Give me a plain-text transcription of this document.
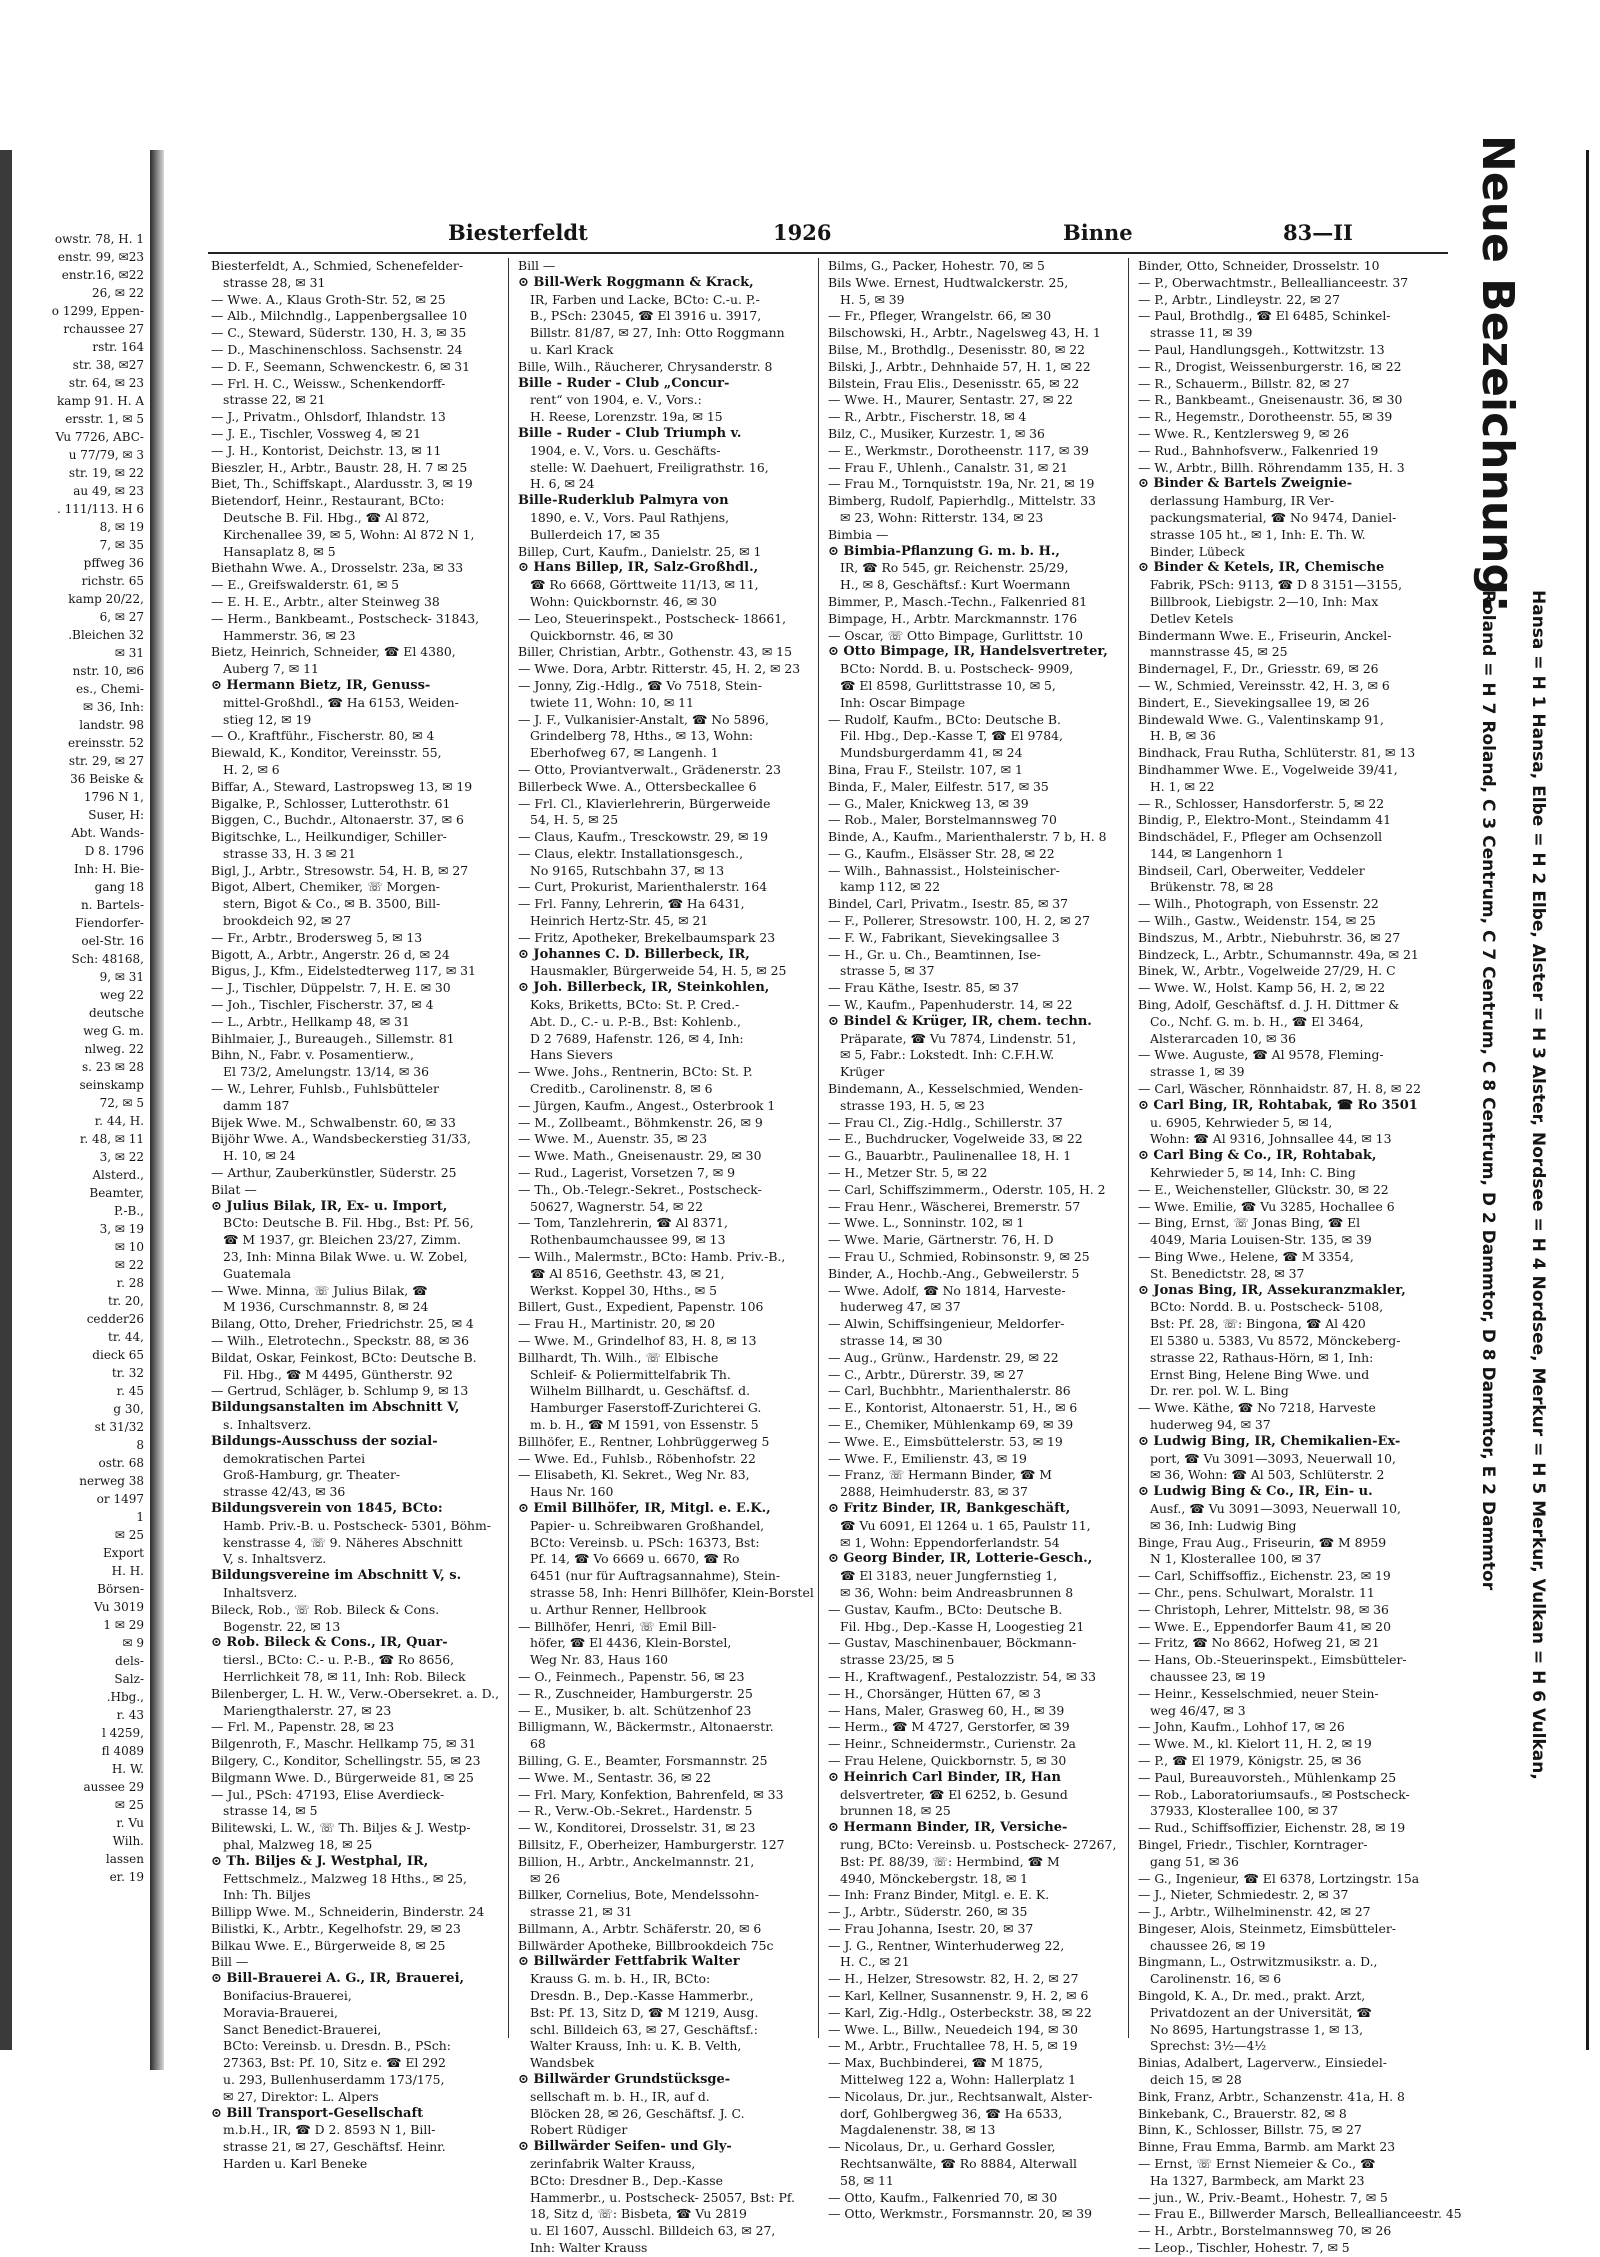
owstr. 78, H. 1
enstr. 99, ✉23
enstr.16, ✉22
26, ✉ 22
o 1299, Eppen-
rchaussee 27
rstr. 164
str. 38, ✉27
str. 64, ✉ 23
kamp 91. H. A
ersstr. 1, ✉ 5
Vu 7726, ABC-
u 77/79, ✉ 3
str. 19, ✉ 22
au 49, ✉ 23
. 111/113. H 6
8, ✉ 19
7, ✉ 35
pffweg 36
richstr. 65
kamp 20/22,
6, ✉ 27
.Bleichen 32
✉ 31
nstr. 10, ✉6
es., Chemi-
✉ 36, Inh:
landstr. 98
ereinsstr. 52
str. 29, ✉ 27
36 Beiske &
1796 N 1,
Suser, H:
Abt. Wands-
D 8. 1796
Inh: H. Bie-
gang 18
n. Bartels-
Fiendorfer-
oel-Str. 16
Sch: 48168,
9, ✉ 31
weg 22
deutsche
weg G. m.
nlweg. 22
s. 23 ✉ 28
seinskamp
72, ✉ 5
r. 44, H.
r. 48, ✉ 11
3, ✉ 22
Alsterd.,
Beamter,
P.-B.,
3, ✉ 19
✉ 10
✉ 22
r. 28
tr. 20,
cedder26
tr. 44,
dieck 65
tr. 32
r. 45
g 30,
st 31/32
8
ostr. 68
nerweg 38
or 1497
1
✉ 25
Export
H. H.
Börsen-
Vu 3019
1 ✉ 29
✉ 9
dels-
Salz-
.Hbg.,
r. 43
l 4259,
fl 4089
H. W.
aussee 29
✉ 25
r. Vu
Wilh.
lassen
er. 19
Biesterfeldt	1926	Binne	83—II
Biesterfeldt, A., Schmied, Schenefelder-
strasse 28, ✉ 31
— Wwe. A., Klaus Groth-Str. 52, ✉ 25
— Alb., Milchndlg., Lappenbergsallee 10
— C., Steward, Süderstr. 130, H. 3, ✉ 35
— D., Maschinenschloss. Sachsenstr. 24
— D. F., Seemann, Schwenckestr. 6, ✉ 31
— Frl. H. C., Weissw., Schenkendorff-
strasse 22, ✉ 21
— J., Privatm., Ohlsdorf, Ihlandstr. 13
— J. E., Tischler, Vossweg 4, ✉ 21
— J. H., Kontorist, Deichstr. 13, ✉ 11
Bieszler, H., Arbtr., Baustr. 28, H. 7 ✉ 25
Biet, Th., Schiffskapt., Alardusstr. 3, ✉ 19
Bietendorf, Heinr., Restaurant, BCto:
Deutsche B. Fil. Hbg., ☎ Al 872,
Kirchenallee 39, ✉ 5, Wohn: Al 872 N 1,
Hansaplatz 8, ✉ 5
Biethahn Wwe. A., Drosselstr. 23a, ✉ 33
— E., Greifswalderstr. 61, ✉ 5
— E. H. E., Arbtr., alter Steinweg 38
— Herm., Bankbeamt., Postscheck- 31843,
Hammerstr. 36, ✉ 23
Bietz, Heinrich, Schneider, ☎ El 4380,
Auberg 7, ✉ 11
⊙ Hermann Bietz, IR, Genuss-
mittel-Großhdl., ☎ Ha 6153, Weiden-
stieg 12, ✉ 19
— O., Kraftführ., Fischerstr. 80, ✉ 4
Biewald, K., Konditor, Vereinsstr. 55,
H. 2, ✉ 6
Biffar, A., Steward, Lastropsweg 13, ✉ 19
Bigalke, P., Schlosser, Lutterothstr. 61
Biggen, C., Buchdr., Altonaerstr. 37, ✉ 6
Bigitschke, L., Heilkundiger, Schiller-
strasse 33, H. 3 ✉ 21
Bigl, J., Arbtr., Stresowstr. 54, H. B, ✉ 27
Bigot, Albert, Chemiker, ☏ Morgen-
stern, Bigot & Co., ✉ B. 3500, Bill-
brookdeich 92, ✉ 27
— Fr., Arbtr., Brodersweg 5, ✉ 13
Bigott, A., Arbtr., Angerstr. 26 d, ✉ 24
Bigus, J., Kfm., Eidelstedterweg 117, ✉ 31
— J., Tischler, Düppelstr. 7, H. E. ✉ 30
— Joh., Tischler, Fischerstr. 37, ✉ 4
— L., Arbtr., Hellkamp 48, ✉ 31
Bihlmaier, J., Bureaugeh., Sillemstr. 81
Bihn, N., Fabr. v. Posamentierw.,
El 73/2, Amelungstr. 13/14, ✉ 36
— W., Lehrer, Fuhlsb., Fuhlsbütteler
damm 187
Bijek Wwe. M., Schwalbenstr. 60, ✉ 33
Bijöhr Wwe. A., Wandsbeckerstieg 31/33,
H. 10, ✉ 24
— Arthur, Zauberkünstler, Süderstr. 25
Bilat —
⊙ Julius Bilak, IR, Ex- u. Import,
BCto: Deutsche B. Fil. Hbg., Bst: Pf. 56,
☎ M 1937, gr. Bleichen 23/27, Zimm.
23, Inh: Minna Bilak Wwe. u. W. Zobel,
Guatemala
— Wwe. Minna, ☏ Julius Bilak, ☎
M 1936, Curschmannstr. 8, ✉ 24
Bilang, Otto, Dreher, Friedrichstr. 25, ✉ 4
— Wilh., Eletrotechn., Speckstr. 88, ✉ 36
Bildat, Oskar, Feinkost, BCto: Deutsche B.
Fil. Hbg., ☎ M 4495, Güntherstr. 92
— Gertrud, Schläger, b. Schlump 9, ✉ 13
Bildungsanstalten im Abschnitt V,
s. Inhaltsverz.
Bildungs-Ausschuss der sozial-
demokratischen Partei
Groß-Hamburg, gr. Theater-
strasse 42/43, ✉ 36
Bildungsverein von 1845, BCto:
Hamb. Priv.-B. u. Postscheck- 5301, Böhm-
kenstrasse 4, ☏ 9. Näheres Abschnitt
V, s. Inhaltsverz.
Bildungsvereine im Abschnitt V, s.
Inhaltsverz.
Bileck, Rob., ☏ Rob. Bileck & Cons.
Bogenstr. 22, ✉ 13
⊙ Rob. Bileck & Cons., IR, Quar-
tiersl., BCto: C.- u. P.-B., ☎ Ro 8656,
Herrlichkeit 78, ✉ 11, Inh: Rob. Bileck
Bilenberger, L. H. W., Verw.-Obersekret. a. D.,
Mariengthalerstr. 27, ✉ 23
— Frl. M., Papenstr. 28, ✉ 23
Bilgenroth, F., Maschr. Hellkamp 75, ✉ 31
Bilgery, C., Konditor, Schellingstr. 55, ✉ 23
Bilgmann Wwe. D., Bürgerweide 81, ✉ 25
— Jul., PSch: 47193, Elise Averdieck-
strasse 14, ✉ 5
Bilitewski, L. W., ☏ Th. Biljes & J. Westp-
phal, Malzweg 18, ✉ 25
⊙ Th. Biljes & J. Westphal, IR,
Fettschmelz., Malzweg 18 Hths., ✉ 25,
Inh: Th. Biljes
Billipp Wwe. M., Schneiderin, Binderstr. 24
Bilistki, K., Arbtr., Kegelhofstr. 29, ✉ 23
Bilkau Wwe. E., Bürgerweide 8, ✉ 25
Bill —
⊙ Bill-Brauerei A. G., IR, Brauerei,
Bonifacius-Brauerei,
Moravia-Brauerei,
Sanct Benedict-Brauerei,
BCto: Vereinsb. u. Dresdn. B., PSch:
27363, Bst: Pf. 10, Sitz e. ☎ El 292
u. 293, Bullenhuserdamm 173/175,
✉ 27, Direktor: L. Alpers
⊙ Bill Transport-Gesellschaft
m.b.H., IR, ☎ D 2. 8593 N 1, Bill-
strasse 21, ✉ 27, Geschäftsf. Heinr.
Harden u. Karl Beneke
Bill —
⊙ Bill-Werk Roggmann & Krack,
IR, Farben und Lacke, BCto: C.-u. P.-
B., PSch: 23045, ☎ El 3916 u. 3917,
Billstr. 81/87, ✉ 27, Inh: Otto Roggmann
u. Karl Krack
Bille, Wilh., Räucherer, Chrysanderstr. 8
Bille - Ruder - Club „Concur-
rent“ von 1904, e. V., Vors.:
H. Reese, Lorenzstr. 19a, ✉ 15
Bille - Ruder - Club Triumph v.
1904, e. V., Vors. u. Geschäfts-
stelle: W. Daehuert, Freiligrathstr. 16,
H. 6, ✉ 24
Bille-Ruderklub Palmyra von
1890, e. V., Vors. Paul Rathjens,
Bullerdeich 17, ✉ 35
Billep, Curt, Kaufm., Danielstr. 25, ✉ 1
⊙ Hans Billep, IR, Salz-Großhdl.,
☎ Ro 6668, Görttweite 11/13, ✉ 11,
Wohn: Quickbornstr. 46, ✉ 30
— Leo, Steuerinspekt., Postscheck- 18661,
Quickbornstr. 46, ✉ 30
Biller, Christian, Arbtr., Gothenstr. 43, ✉ 15
— Wwe. Dora, Arbtr. Ritterstr. 45, H. 2, ✉ 23
— Jonny, Zig.-Hdlg., ☎ Vo 7518, Stein-
twiete 11, Wohn: 10, ✉ 11
— J. F., Vulkanisier-Anstalt, ☎ No 5896,
Grindelberg 78, Hths., ✉ 13, Wohn:
Eberhofweg 67, ✉ Langenh. 1
— Otto, Proviantverwalt., Grädenerstr. 23
Billerbeck Wwe. A., Ottersbeckallee 6
— Frl. Cl., Klavierlehrerin, Bürgerweide
54, H. 5, ✉ 25
— Claus, Kaufm., Tresckowstr. 29, ✉ 19
— Claus, elektr. Installationsgesch.,
No 9165, Rutschbahn 37, ✉ 13
— Curt, Prokurist, Marienthalerstr. 164
— Frl. Fanny, Lehrerin, ☎ Ha 6431,
Heinrich Hertz-Str. 45, ✉ 21
— Fritz, Apotheker, Brekelbaumspark 23
⊙ Johannes C. D. Billerbeck, IR,
Hausmakler, Bürgerweide 54, H. 5, ✉ 25
⊙ Joh. Billerbeck, IR, Steinkohlen,
Koks, Briketts, BCto: St. P. Cred.-
Abt. D., C.- u. P.-B., Bst: Kohlenb.,
D 2 7689, Hafenstr. 126, ✉ 4, Inh:
Hans Sievers
— Wwe. Johs., Rentnerin, BCto: St. P.
Creditb., Carolinenstr. 8, ✉ 6
— Jürgen, Kaufm., Angest., Osterbrook 1
— M., Zollbeamt., Böhmkenstr. 26, ✉ 9
— Wwe. M., Auenstr. 35, ✉ 23
— Wwe. Math., Gneisenaustr. 29, ✉ 30
— Rud., Lagerist, Vorsetzen 7, ✉ 9
— Th., Ob.-Telegr.-Sekret., Postscheck-
50627, Wagnerstr. 54, ✉ 22
— Tom, Tanzlehrerin, ☎ Al 8371,
Rothenbaumchaussee 99, ✉ 13
— Wilh., Malermstr., BCto: Hamb. Priv.-B.,
☎ Al 8516, Geethstr. 43, ✉ 21,
Werkst. Koppel 30, Hths., ✉ 5
Billert, Gust., Expedient, Papenstr. 106
— Frau H., Martinistr. 20, ✉ 20
— Wwe. M., Grindelhof 83, H. 8, ✉ 13
Billhardt, Th. Wilh., ☏ Elbische
Schleif- & Poliermittelfabrik Th.
Wilhelm Billhardt, u. Geschäftsf. d.
Hamburger Faserstoff-Zurichterei G.
m. b. H., ☎ M 1591, von Essenstr. 5
Billhöfer, E., Rentner, Lohbrüggerweg 5
— Wwe. Ed., Fuhlsb., Röbenhofstr. 22
— Elisabeth, Kl. Sekret., Weg Nr. 83,
Haus Nr. 160
⊙ Emil Billhöfer, IR, Mitgl. e. E.K.,
Papier- u. Schreibwaren Großhandel,
BCto: Vereinsb. u. PSch: 16373, Bst:
Pf. 14, ☎ Vo 6669 u. 6670, ☎ Ro
6451 (nur für Auftragsannahme), Stein-
strasse 58, Inh: Henri Billhöfer, Klein-Borstel
u. Arthur Renner, Hellbrook
— Billhöfer, Henri, ☏ Emil Bill-
höfer, ☎ El 4436, Klein-Borstel,
Weg Nr. 83, Haus 160
— O., Feinmech., Papenstr. 56, ✉ 23
— R., Zuschneider, Hamburgerstr. 25
— E., Musiker, b. alt. Schützenhof 23
Billigmann, W., Bäckermstr., Altonaerstr.
68
Billing, G. E., Beamter, Forsmannstr. 25
— Wwe. M., Sentastr. 36, ✉ 22
— Frl. Mary, Konfektion, Bahrenfeld, ✉ 33
— R., Verw.-Ob.-Sekret., Hardenstr. 5
— W., Konditorei, Drosselstr. 31, ✉ 23
Billsitz, F., Oberheizer, Hamburgerstr. 127
Billion, H., Arbtr., Anckelmannstr. 21,
✉ 26
Billker, Cornelius, Bote, Mendelssohn-
strasse 21, ✉ 31
Billmann, A., Arbtr. Schäferstr. 20, ✉ 6
Billwärder Apotheke, Billbrookdeich 75c
⊙ Billwärder Fettfabrik Walter
Krauss G. m. b. H., IR, BCto:
Dresdn. B., Dep.-Kasse Hammerbr.,
Bst: Pf. 13, Sitz D, ☎ M 1219, Ausg.
schl. Billdeich 63, ✉ 27, Geschäftsf.:
Walter Krauss, Inh: u. K. B. Velth,
Wandsbek
⊙ Billwärder Grundstücksge-
sellschaft m. b. H., IR, auf d.
Blöcken 28, ✉ 26, Geschäftsf. J. C.
Robert Rüdiger
⊙ Billwärder Seifen- und Gly-
zerinfabrik Walter Krauss,
BCto: Dresdner B., Dep.-Kasse
Hammerbr., u. Postscheck- 25057, Bst: Pf.
18, Sitz d, ☏: Bisbeta, ☎ Vu 2819
u. El 1607, Ausschl. Billdeich 63, ✉ 27,
Inh: Walter Krauss
Bilms, G., Packer, Hohestr. 70, ✉ 5
Bils Wwe. Ernest, Hudtwalckerstr. 25,
H. 5, ✉ 39
— Fr., Pfleger, Wrangelstr. 66, ✉ 30
Bilschowski, H., Arbtr., Nagelsweg 43, H. 1
Bilse, M., Brothdlg., Desenisstr. 80, ✉ 22
Bilski, J., Arbtr., Dehnhaide 57, H. 1, ✉ 22
Bilstein, Frau Elis., Desenisstr. 65, ✉ 22
— Wwe. H., Maurer, Sentastr. 27, ✉ 22
— R., Arbtr., Fischerstr. 18, ✉ 4
Bilz, C., Musiker, Kurzestr. 1, ✉ 36
— E., Werkmstr., Dorotheenstr. 117, ✉ 39
— Frau F., Uhlenh., Canalstr. 31, ✉ 21
— Frau M., Tornquiststr. 19a, Nr. 21, ✉ 19
Bimberg, Rudolf, Papierhdlg., Mittelstr. 33
✉ 23, Wohn: Ritterstr. 134, ✉ 23
Bimbia —
⊙ Bimbia-Pflanzung G. m. b. H.,
IR, ☎ Ro 545, gr. Reichenstr. 25/29,
H., ✉ 8, Geschäftsf.: Kurt Woermann
Bimmer, P., Masch.-Techn., Falkenried 81
Bimpage, H., Arbtr. Marckmannstr. 176
— Oscar, ☏ Otto Bimpage, Gurlittstr. 10
⊙ Otto Bimpage, IR, Handelsvertreter,
BCto: Nordd. B. u. Postscheck- 9909,
☎ El 8598, Gurlittstrasse 10, ✉ 5,
Inh: Oscar Bimpage
— Rudolf, Kaufm., BCto: Deutsche B.
Fil. Hbg., Dep.-Kasse T, ☎ El 9784,
Mundsburgerdamm 41, ✉ 24
Bina, Frau F., Steilstr. 107, ✉ 1
Binda, F., Maler, Eilfestr. 517, ✉ 35
— G., Maler, Knickweg 13, ✉ 39
— Rob., Maler, Borstelmannsweg 70
Binde, A., Kaufm., Marienthalerstr. 7 b, H. 8
— G., Kaufm., Elsässer Str. 28, ✉ 22
— Wilh., Bahnassist., Holsteinischer-
kamp 112, ✉ 22
Bindel, Carl, Privatm., Isestr. 85, ✉ 37
— F., Pollerer, Stresowstr. 100, H. 2, ✉ 27
— F. W., Fabrikant, Sievekingsallee 3
— H., Gr. u. Ch., Beamtinnen, Ise-
strasse 5, ✉ 37
— Frau Käthe, Isestr. 85, ✉ 37
— W., Kaufm., Papenhuderstr. 14, ✉ 22
⊙ Bindel & Krüger, IR, chem. techn.
Präparate, ☎ Vu 7874, Lindenstr. 51,
✉ 5, Fabr.: Lokstedt. Inh: C.F.H.W.
Krüger
Bindemann, A., Kesselschmied, Wenden-
strasse 193, H. 5, ✉ 23
— Frau Cl., Zig.-Hdlg., Schillerstr. 37
— E., Buchdrucker, Vogelweide 33, ✉ 22
— G., Bauarbtr., Paulinenallee 18, H. 1
— H., Metzer Str. 5, ✉ 22
— Carl, Schiffszimmerm., Oderstr. 105, H. 2
— Frau Henr., Wäscherei, Bremerstr. 57
— Wwe. L., Sonninstr. 102, ✉ 1
— Wwe. Marie, Gärtnerstr. 76, H. D
— Frau U., Schmied, Robinsonstr. 9, ✉ 25
Binder, A., Hochb.-Ang., Gebweilerstr. 5
— Wwe. Adolf, ☎ No 1814, Harveste-
huderweg 47, ✉ 37
— Alwin, Schiffsingenieur, Meldorfer-
strasse 14, ✉ 30
— Aug., Grünw., Hardenstr. 29, ✉ 22
— C., Arbtr., Dürerstr. 39, ✉ 27
— Carl, Buchbhtr., Marienthalerstr. 86
— E., Kontorist, Altonaerstr. 51, H., ✉ 6
— E., Chemiker, Mühlenkamp 69, ✉ 39
— Wwe. E., Eimsbüttelerstr. 53, ✉ 19
— Wwe. F., Emilienstr. 43, ✉ 19
— Franz, ☏ Hermann Binder, ☎ M
2888, Heimhuderstr. 83, ✉ 37
⊙ Fritz Binder, IR, Bankgeschäft,
☎ Vu 6091, El 1264 u. 1 65, Paulstr 11,
✉ 1, Wohn: Eppendorferlandstr. 54
⊙ Georg Binder, IR, Lotterie-Gesch.,
☎ El 3183, neuer Jungfernstieg 1,
✉ 36, Wohn: beim Andreasbrunnen 8
— Gustav, Kaufm., BCto: Deutsche B.
Fil. Hbg., Dep.-Kasse H, Loogestieg 21
— Gustav, Maschinenbauer, Böckmann-
strasse 23/25, ✉ 5
— H., Kraftwagenf., Pestalozzistr. 54, ✉ 33
— H., Chorsänger, Hütten 67, ✉ 3
— Hans, Maler, Grasweg 60, H., ✉ 39
— Herm., ☎ M 4727, Gerstorfer, ✉ 39
— Heinr., Schneidermstr., Curienstr. 2a
— Frau Helene, Quickbornstr. 5, ✉ 30
⊙ Heinrich Carl Binder, IR, Han
delsvertreter, ☎ El 6252, b. Gesund
brunnen 18, ✉ 25
⊙ Hermann Binder, IR, Versiche-
rung, BCto: Vereinsb. u. Postscheck- 27267,
Bst: Pf. 88/39, ☏: Hermbind, ☎ M
4940, Mönckebergstr. 18, ✉ 1
— Inh: Franz Binder, Mitgl. e. E. K.
— J., Arbtr., Süderstr. 260, ✉ 35
— Frau Johanna, Isestr. 20, ✉ 37
— J. G., Rentner, Winterhuderweg 22,
H. C., ✉ 21
— H., Helzer, Stresowstr. 82, H. 2, ✉ 27
— Karl, Kellner, Susannenstr. 9, H. 2, ✉ 6
— Karl, Zig.-Hdlg., Osterbeckstr. 38, ✉ 22
— Wwe. L., Billw., Neuedeich 194, ✉ 30
— M., Arbtr., Fruchtallee 78, H. 5, ✉ 19
— Max, Buchbinderei, ☎ M 1875,
Mittelweg 122 a, Wohn: Hallerplatz 1
— Nicolaus, Dr. jur., Rechtsanwalt, Alster-
dorf, Gohlbergweg 36, ☎ Ha 6533,
Magdalenenstr. 38, ✉ 13
— Nicolaus, Dr., u. Gerhard Gossler,
Rechtsanwälte, ☎ Ro 8884, Alterwall
58, ✉ 11
— Otto, Kaufm., Falkenried 70, ✉ 30
— Otto, Werkmstr., Forsmannstr. 20, ✉ 39
Binder, Otto, Schneider, Drosselstr. 10
— P., Oberwachtmstr., Belleallianceestr. 37
— P., Arbtr., Lindleystr. 22, ✉ 27
— Paul, Brothdlg., ☎ El 6485, Schinkel-
strasse 11, ✉ 39
— Paul, Handlungsgeh., Kottwitzstr. 13
— R., Drogist, Weissenburgerstr. 16, ✉ 22
— R., Schauerm., Billstr. 82, ✉ 27
— R., Bankbeamt., Gneisenaustr. 36, ✉ 30
— R., Hegemstr., Dorotheenstr. 55, ✉ 39
— Wwe. R., Kentzlersweg 9, ✉ 26
— Rud., Bahnhofsverw., Falkenried 19
— W., Arbtr., Billh. Röhrendamm 135, H. 3
⊙ Binder & Bartels Zweignie-
derlassung Hamburg, IR Ver-
packungsmaterial, ☎ No 9474, Daniel-
strasse 105 ht., ✉ 1, Inh: E. Th. W.
Binder, Lübeck
⊙ Binder & Ketels, IR, Chemische
Fabrik, PSch: 9113, ☎ D 8 3151—3155,
Billbrook, Liebigstr. 2—10, Inh: Max
Detlev Ketels
Bindermann Wwe. E., Friseurin, Anckel-
mannstrasse 45, ✉ 25
Bindernagel, F., Dr., Griesstr. 69, ✉ 26
— W., Schmied, Vereinsstr. 42, H. 3, ✉ 6
Bindert, E., Sievekingsallee 19, ✉ 26
Bindewald Wwe. G., Valentinskamp 91,
H. B, ✉ 36
Bindhack, Frau Rutha, Schlüterstr. 81, ✉ 13
Bindhammer Wwe. E., Vogelweide 39/41,
H. 1, ✉ 22
— R., Schlosser, Hansdorferstr. 5, ✉ 22
Bindig, P., Elektro-Mont., Steindamm 41
Bindschädel, F., Pfleger am Ochsenzoll
144, ✉ Langenhorn 1
Bindseil, Carl, Oberweiter, Veddeler
Brükenstr. 78, ✉ 28
— Wilh., Photograph, von Essenstr. 22
— Wilh., Gastw., Weidenstr. 154, ✉ 25
Bindszus, M., Arbtr., Niebuhrstr. 36, ✉ 27
Bindzeck, L., Arbtr., Schumannstr. 49a, ✉ 21
Binek, W., Arbtr., Vogelweide 27/29, H. C
— Wwe. W., Holst. Kamp 56, H. 2, ✉ 22
Bing, Adolf, Geschäftsf. d. J. H. Dittmer &
Co., Nchf. G. m. b. H., ☎ El 3464,
Alsterarcaden 10, ✉ 36
— Wwe. Auguste, ☎ Al 9578, Fleming-
strasse 1, ✉ 39
— Carl, Wäscher, Rönnhaidstr. 87, H. 8, ✉ 22
⊙ Carl Bing, IR, Rohtabak, ☎ Ro 3501
u. 6905, Kehrwieder 5, ✉ 14,
Wohn: ☎ Al 9316, Johnsallee 44, ✉ 13
⊙ Carl Bing & Co., IR, Rohtabak,
Kehrwieder 5, ✉ 14, Inh: C. Bing
— E., Weichensteller, Glückstr. 30, ✉ 22
— Wwe. Emilie, ☎ Vu 3285, Hochallee 6
— Bing, Ernst, ☏ Jonas Bing, ☎ El
4049, Maria Louisen-Str. 135, ✉ 39
— Bing Wwe., Helene, ☎ M 3354,
St. Benedictstr. 28, ✉ 37
⊙ Jonas Bing, IR, Assekuranzmakler,
BCto: Nordd. B. u. Postscheck- 5108,
Bst: Pf. 28, ☏: Bingona, ☎ Al 420
El 5380 u. 5383, Vu 8572, Mönckeberg-
strasse 22, Rathaus-Hörn, ✉ 1, Inh:
Ernst Bing, Helene Bing Wwe. und
Dr. rer. pol. W. L. Bing
— Wwe. Käthe, ☎ No 7218, Harveste
huderweg 94, ✉ 37
⊙ Ludwig Bing, IR, Chemikalien-Ex-
port, ☎ Vu 3091—3093, Neuerwall 10,
✉ 36, Wohn: ☎ Al 503, Schlüterstr. 2
⊙ Ludwig Bing & Co., IR, Ein- u.
Ausf., ☎ Vu 3091—3093, Neuerwall 10,
✉ 36, Inh: Ludwig Bing
Binge, Frau Aug., Friseurin, ☎ M 8959
N 1, Klosterallee 100, ✉ 37
— Carl, Schiffsoffiz., Eichenstr. 23, ✉ 19
— Chr., pens. Schulwart, Moralstr. 11
— Christoph, Lehrer, Mittelstr. 98, ✉ 36
— Wwe. E., Eppendorfer Baum 41, ✉ 20
— Fritz, ☎ No 8662, Hofweg 21, ✉ 21
— Hans, Ob.-Steuerinspekt., Eimsbütteler-
chaussee 23, ✉ 19
— Heinr., Kesselschmied, neuer Stein-
weg 46/47, ✉ 3
— John, Kaufm., Lohhof 17, ✉ 26
— Wwe. M., kl. Kielort 11, H. 2, ✉ 19
— P., ☎ El 1979, Königstr. 25, ✉ 36
— Paul, Bureauvorsteh., Mühlenkamp 25
— Rob., Laboratoriumsaufs., ✉ Postscheck-
37933, Klosterallee 100, ✉ 37
— Rud., Schiffsoffizier, Eichenstr. 28, ✉ 19
Bingel, Friedr., Tischler, Korntrager-
gang 51, ✉ 36
— G., Ingenieur, ☎ El 6378, Lortzingstr. 15a
— J., Nieter, Schmiedestr. 2, ✉ 37
— J., Arbtr., Wilhelminenstr. 42, ✉ 27
Bingeser, Alois, Steinmetz, Eimsbütteler-
chaussee 26, ✉ 19
Bingmann, L., Ostrwitzmusikstr. a. D.,
Carolinenstr. 16, ✉ 6
Bingold, K. A., Dr. med., prakt. Arzt,
Privatdozent an der Universität, ☎
No 8695, Hartungstrasse 1, ✉ 13,
Sprechst: 3½—4½
Binias, Adalbert, Lagerverw., Einsiedel-
deich 15, ✉ 28
Bink, Franz, Arbtr., Schanzenstr. 41a, H. 8
Binkebank, C., Brauerstr. 82, ✉ 8
Binn, K., Schlosser, Billstr. 75, ✉ 27
Binne, Frau Emma, Barmb. am Markt 23
— Ernst, ☏ Ernst Niemeier & Co., ☎
Ha 1327, Barmbeck, am Markt 23
— jun., W., Priv.-Beamt., Hohestr. 7, ✉ 5
— Frau E., Billwerder Marsch, Belleallianceestr. 45
— H., Arbtr., Borstelmannsweg 70, ✉ 26
— Leop., Tischler, Hohestr. 7, ✉ 5
Neue Bezeichnung:
Hansa = H 1 Hansa, Elbe = H 2 Elbe, Alster = H 3 Alster, Nordsee = H 4 Nordsee, Merkur = H 5 Merkur, Vulkan = H 6 Vulkan,
Roland = H 7 Roland, C 3 Centrum, C 7 Centrum, C 8 Centrum, D 2 Dammtor, D 8 Dammtor, E 2 Dammtor
